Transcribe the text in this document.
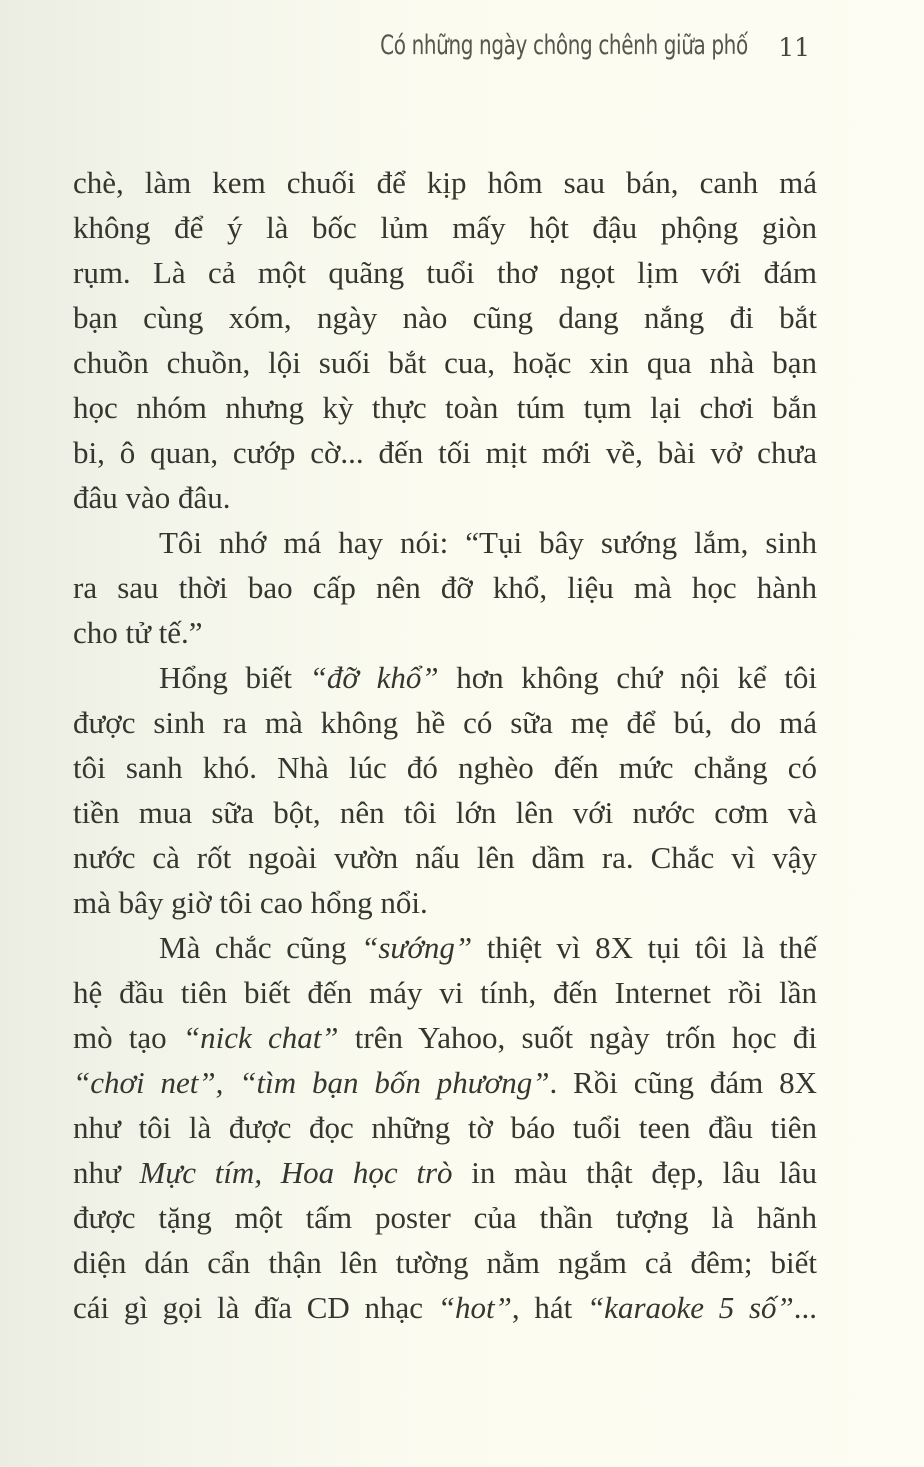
Có những ngày chông chênh giữa phố 11
chè, làm kem chuối để kịp hôm sau bán, canh má
không để ý là bốc lủm mấy hột đậu phộng giòn
rụm. Là cả một quãng tuổi thơ ngọt lịm với đám
bạn cùng xóm, ngày nào cũng dang nắng đi bắt
chuồn chuồn, lội suối bắt cua, hoặc xin qua nhà bạn
học nhóm nhưng kỳ thực toàn túm tụm lại chơi bắn
bi, ô quan, cướp cờ... đến tối mịt mới về, bài vở chưa
đâu vào đâu.
Tôi nhớ má hay nói: “Tụi bây sướng lắm, sinh
ra sau thời bao cấp nên đỡ khổ, liệu mà học hành
cho tử tế.”
Hổng biết “đỡ khổ” hơn không chứ nội kể tôi
được sinh ra mà không hề có sữa mẹ để bú, do má
tôi sanh khó. Nhà lúc đó nghèo đến mức chẳng có
tiền mua sữa bột, nên tôi lớn lên với nước cơm và
nước cà rốt ngoài vườn nấu lên dầm ra. Chắc vì vậy
mà bây giờ tôi cao hổng nổi.
Mà chắc cũng “sướng” thiệt vì 8X tụi tôi là thế
hệ đầu tiên biết đến máy vi tính, đến Internet rồi lần
mò tạo “nick chat” trên Yahoo, suốt ngày trốn học đi
“chơi net”, “tìm bạn bốn phương”. Rồi cũng đám 8X
như tôi là được đọc những tờ báo tuổi teen đầu tiên
như Mực tím, Hoa học trò in màu thật đẹp, lâu lâu
được tặng một tấm poster của thần tượng là hãnh
diện dán cẩn thận lên tường nằm ngắm cả đêm; biết
cái gì gọi là đĩa CD nhạc “hot”, hát “karaoke 5 số”...
